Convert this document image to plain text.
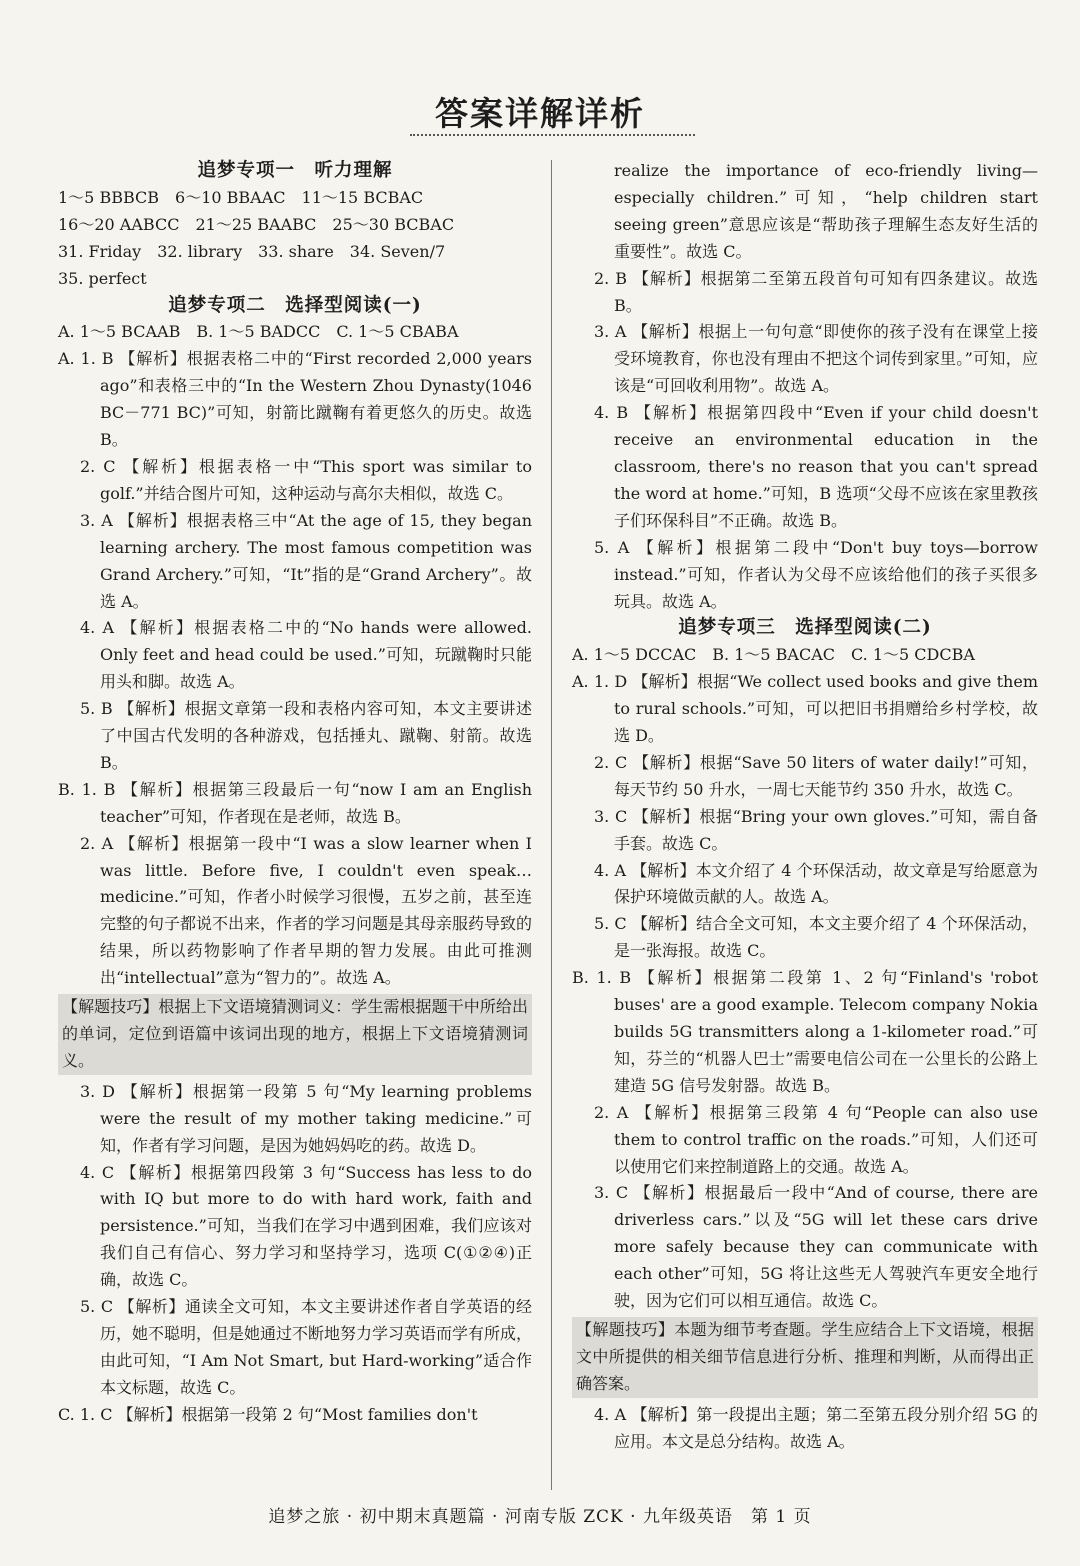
答案详解详析

追梦专项一　听力理解

1～5 BBBCB　6～10 BBAAC　11～15 BCBAC

16～20 AABCC　21～25 BAABC　25～30 BCBAC

31. Friday　32. library　33. share　34. Seven/7

35. perfect

追梦专项二　选择型阅读(一)

A. 1～5 BCAAB　B. 1～5 BADCC　C. 1～5 CBABA

A. 1. B 【解析】根据表格二中的“First recorded 2,000 years ago”和表格三中的“In the Western Zhou Dynasty(1046 BC－771 BC)”可知，射箭比蹴鞠有着更悠久的历史。故选 B。

2. C 【解析】根据表格一中“This sport was similar to golf.”并结合图片可知，这种运动与高尔夫相似，故选 C。

3. A 【解析】根据表格三中“At the age of 15, they began learning archery. The most famous competition was Grand Archery.”可知，“It”指的是“Grand Archery”。故选 A。

4. A 【解析】根据表格二中的“No hands were allowed. Only feet and head could be used.”可知，玩蹴鞠时只能用头和脚。故选 A。

5. B 【解析】根据文章第一段和表格内容可知，本文主要讲述了中国古代发明的各种游戏，包括捶丸、蹴鞠、射箭。故选 B。

B. 1. B 【解析】根据第三段最后一句“now I am an English teacher”可知，作者现在是老师，故选 B。

2. A 【解析】根据第一段中“I was a slow learner when I was little. Before five, I couldn't even speak… medicine.”可知，作者小时候学习很慢，五岁之前，甚至连完整的句子都说不出来，作者的学习问题是其母亲服药导致的结果，所以药物影响了作者早期的智力发展。由此可推测出“intellectual”意为“智力的”。故选 A。

【解题技巧】根据上下文语境猜测词义：学生需根据题干中所给出的单词，定位到语篇中该词出现的地方，根据上下文语境猜测词义。

3. D 【解析】根据第一段第 5 句“My learning problems were the result of my mother taking medicine.”可知，作者有学习问题，是因为她妈妈吃的药。故选 D。

4. C 【解析】根据第四段第 3 句“Success has less to do with IQ but more to do with hard work, faith and persistence.”可知，当我们在学习中遇到困难，我们应该对我们自己有信心、努力学习和坚持学习，选项 C(①②④)正确，故选 C。

5. C 【解析】通读全文可知，本文主要讲述作者自学英语的经历，她不聪明，但是她通过不断地努力学习英语而学有所成，由此可知，“I Am Not Smart, but Hard-working”适合作本文标题，故选 C。

C. 1. C 【解析】根据第一段第 2 句“Most families don't

realize the importance of eco-friendly living—especially children.”可知，“help children start seeing green”意思应该是“帮助孩子理解生态友好生活的重要性”。故选 C。

2. B 【解析】根据第二至第五段首句可知有四条建议。故选 B。

3. A 【解析】根据上一句句意“即使你的孩子没有在课堂上接受环境教育，你也没有理由不把这个词传到家里。”可知，应该是“可回收利用物”。故选 A。

4. B 【解析】根据第四段中“Even if your child doesn't receive an environmental education in the classroom, there's no reason that you can't spread the word at home.”可知，B 选项“父母不应该在家里教孩子们环保科目”不正确。故选 B。

5. A 【解析】根据第二段中“Don't buy toys—borrow instead.”可知，作者认为父母不应该给他们的孩子买很多玩具。故选 A。

追梦专项三　选择型阅读(二)

A. 1～5 DCCAC　B. 1～5 BACAC　C. 1～5 CDCBA

A. 1. D 【解析】根据“We collect used books and give them to rural schools.”可知，可以把旧书捐赠给乡村学校，故选 D。

2. C 【解析】根据“Save 50 liters of water daily!”可知，每天节约 50 升水，一周七天能节约 350 升水，故选 C。

3. C 【解析】根据“Bring your own gloves.”可知，需自备手套。故选 C。

4. A 【解析】本文介绍了 4 个环保活动，故文章是写给愿意为保护环境做贡献的人。故选 A。

5. C 【解析】结合全文可知，本文主要介绍了 4 个环保活动，是一张海报。故选 C。

B. 1. B 【解析】根据第二段第 1、2 句“Finland's 'robot buses' are a good example. Telecom company Nokia builds 5G transmitters along a 1-kilometer road.”可知，芬兰的“机器人巴士”需要电信公司在一公里长的公路上建造 5G 信号发射器。故选 B。

2. A 【解析】根据第三段第 4 句“People can also use them to control traffic on the roads.”可知，人们还可以使用它们来控制道路上的交通。故选 A。

3. C 【解析】根据最后一段中“And of course, there are driverless cars.”以及“5G will let these cars drive more safely because they can communicate with each other”可知，5G 将让这些无人驾驶汽车更安全地行驶，因为它们可以相互通信。故选 C。

【解题技巧】本题为细节考查题。学生应结合上下文语境，根据文中所提供的相关细节信息进行分析、推理和判断，从而得出正确答案。

4. A 【解析】第一段提出主题；第二至第五段分别介绍 5G 的应用。本文是总分结构。故选 A。

追梦之旅 · 初中期末真题篇 · 河南专版 ZCK · 九年级英语　第 1 页
